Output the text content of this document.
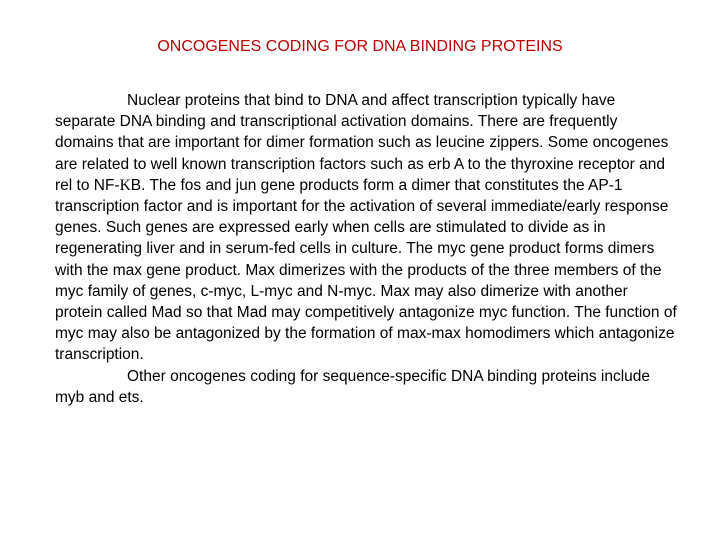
ONCOGENES CODING FOR DNA BINDING PROTEINS

Nuclear proteins that bind to DNA and affect transcription typically have separate DNA binding and transcriptional activation domains. There are frequently domains that are important for dimer formation such as leucine zippers. Some oncogenes are related to well known transcription factors such as erb A to the thyroxine receptor and rel to NF-KB. The fos and jun gene products form a dimer that constitutes the AP-1 transcription factor and is important for the activation of several immediate/early response genes. Such genes are expressed early when cells are stimulated to divide as in regenerating liver and in serum-fed cells in culture. The myc gene product forms dimers with the max gene product. Max dimerizes with the products of the three members of the myc family of genes, c-myc, L-myc and N-myc. Max may also dimerize with another protein called Mad so that Mad may competitively antagonize myc function. The function of myc may also be antagonized by the formation of max-max homodimers which antagonize transcription.

Other oncogenes coding for sequence-specific DNA binding proteins include myb and ets.
